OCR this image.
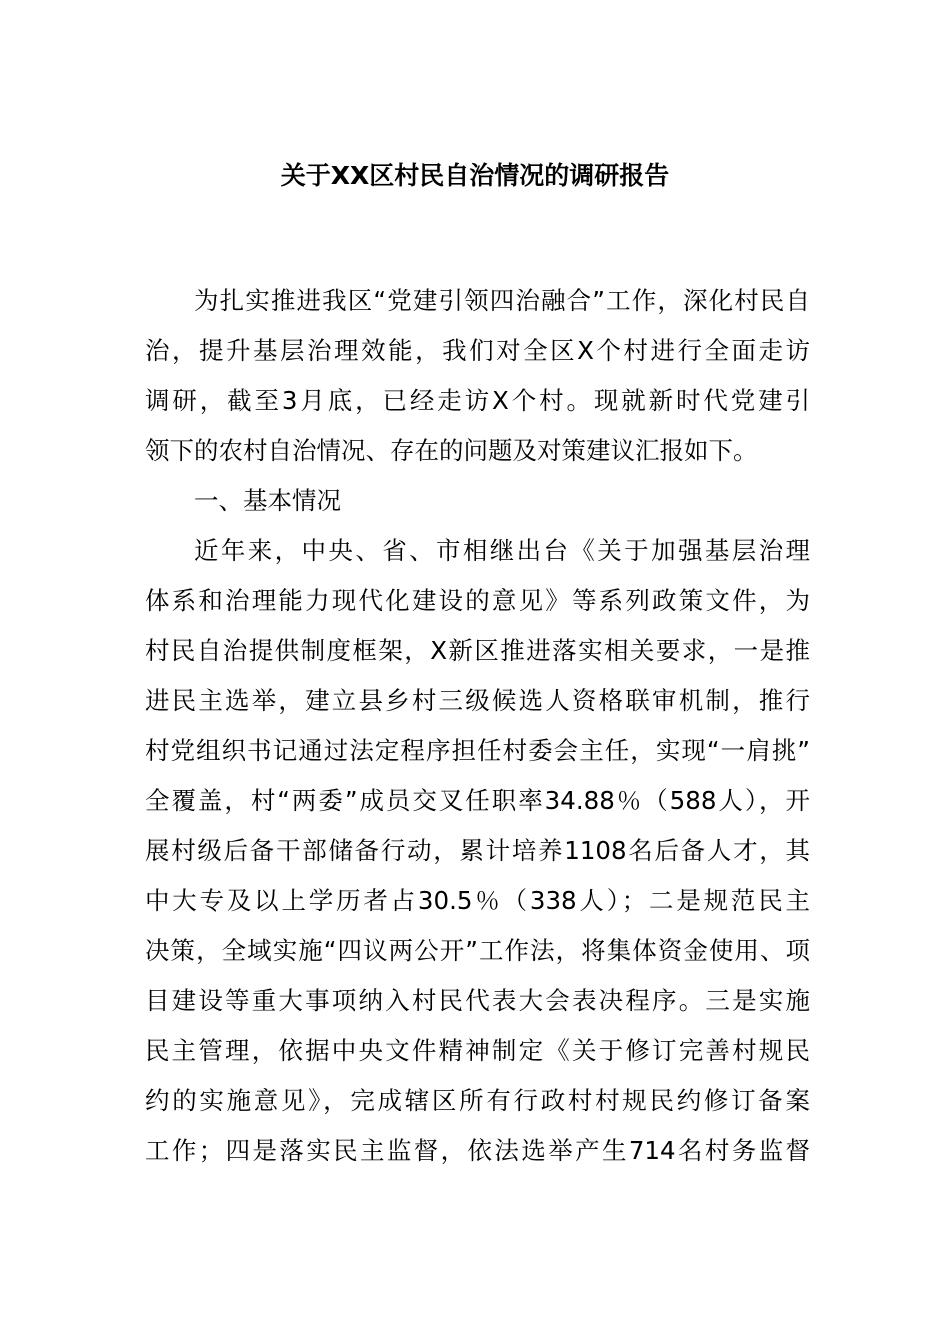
关于XX区村民自治情况的调研报告

为扎实推进我区“党建引领四治融合”工作，深化村民自

治，提升基层治理效能，我们对全区X个村进行全面走访

调研，截至3月底，已经走访X个村。现就新时代党建引

领下的农村自治情况、存在的问题及对策建议汇报如下。

一、基本情况

近年来，中央、省、市相继出台《关于加强基层治理

体系和治理能力现代化建设的意见》等系列政策文件，为

村民自治提供制度框架，X新区推进落实相关要求，一是推

进民主选举，建立县乡村三级候选人资格联审机制，推行

村党组织书记通过法定程序担任村委会主任，实现“一肩挑”

全覆盖，村“两委”成员交叉任职率34.88％（588人），开

展村级后备干部储备行动，累计培养1108名后备人才，其

中大专及以上学历者占30.5％（338人）；二是规范民主

决策，全域实施“四议两公开”工作法，将集体资金使用、项

目建设等重大事项纳入村民代表大会表决程序。三是实施

民主管理，依据中央文件精神制定《关于修订完善村规民

约的实施意见》，完成辖区所有行政村村规民约修订备案

工作；四是落实民主监督，依法选举产生714名村务监督
